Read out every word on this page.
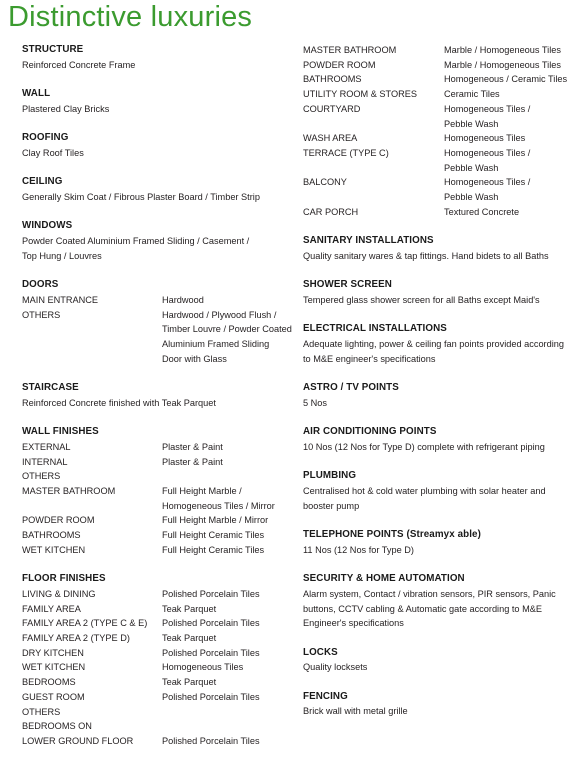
Distinctive luxuries
STRUCTURE
Reinforced Concrete Frame
WALL
Plastered Clay Bricks
ROOFING
Clay Roof Tiles
CEILING
Generally Skim Coat / Fibrous Plaster Board / Timber Strip
WINDOWS
Powder Coated Aluminium Framed Sliding / Casement /
Top Hung / Louvres
DOORS
MAIN ENTRANCE	Hardwood
OTHERS	Hardwood / Plywood Flush /
Timber Louvre / Powder Coated
Aluminium Framed Sliding
Door with Glass
STAIRCASE
Reinforced Concrete finished with Teak Parquet
WALL FINISHES
EXTERNAL	Plaster & Paint
INTERNAL	Plaster & Paint
OTHERS

MASTER BATHROOM	Full Height Marble /
Homogeneous Tiles / Mirror
POWDER ROOM	Full Height Marble / Mirror
BATHROOMS	Full Height Ceramic Tiles
WET KITCHEN	Full Height Ceramic Tiles
FLOOR FINISHES
LIVING & DINING	Polished Porcelain Tiles
FAMILY AREA	Teak Parquet
FAMILY AREA 2 (TYPE C & E)	Polished Porcelain Tiles
FAMILY AREA 2 (TYPE D)	Teak Parquet
DRY KITCHEN	Polished Porcelain Tiles
WET KITCHEN	Homogeneous Tiles
BEDROOMS	Teak Parquet
GUEST ROOM	Polished Porcelain Tiles
OTHERS

BEDROOMS ON

LOWER GROUND FLOOR	Polished Porcelain Tiles
MASTER BATHROOM	Marble / Homogeneous Tiles
POWDER ROOM	Marble / Homogeneous Tiles
BATHROOMS	Homogeneous / Ceramic Tiles
UTILITY ROOM & STORES	Ceramic Tiles
COURTYARD	Homogeneous Tiles /
Pebble Wash
WASH AREA	Homogeneous Tiles
TERRACE (TYPE C)	Homogeneous Tiles /
Pebble Wash
BALCONY	Homogeneous Tiles /
Pebble Wash
CAR PORCH	Textured Concrete
SANITARY INSTALLATIONS
Quality sanitary wares & tap fittings. Hand bidets to all Baths
SHOWER SCREEN
Tempered glass shower screen for all Baths except Maid's
ELECTRICAL INSTALLATIONS
Adequate lighting, power & ceiling fan points provided according
to M&E engineer's specifications
ASTRO / TV POINTS
5 Nos
AIR CONDITIONING POINTS
10 Nos (12 Nos for Type D) complete with refrigerant piping
PLUMBING
Centralised hot & cold water plumbing with solar heater and
booster pump
TELEPHONE POINTS (Streamyx able)
11 Nos (12 Nos for Type D)
SECURITY & HOME AUTOMATION
Alarm system, Contact / vibration sensors, PIR sensors, Panic
buttons, CCTV cabling & Automatic gate according to M&E
Engineer's specifications
LOCKS
Quality locksets
FENCING
Brick wall with metal grille
